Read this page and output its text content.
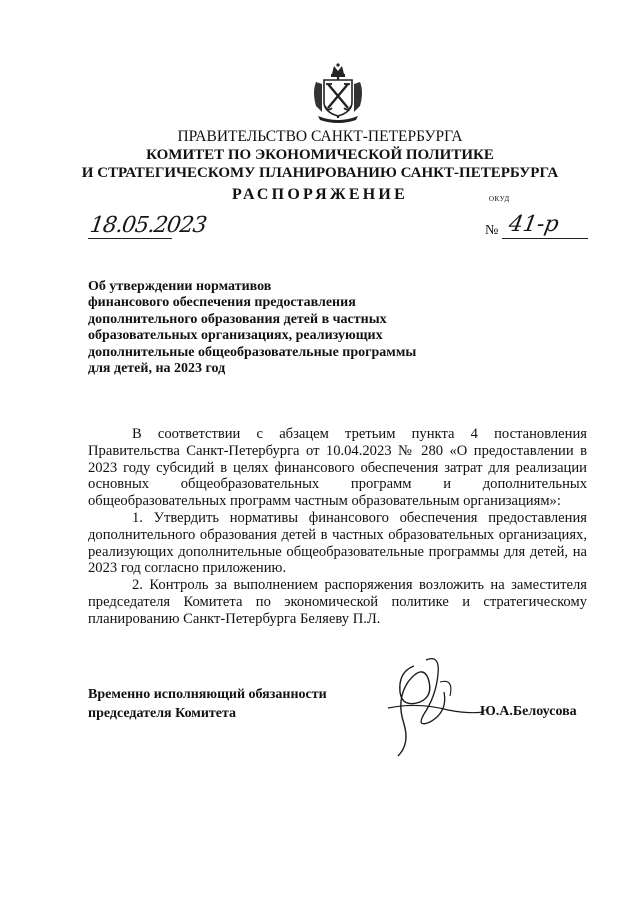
ПРАВИТЕЛЬСТВО САНКТ-ПЕТЕРБУРГА
КОМИТЕТ ПО ЭКОНОМИЧЕСКОЙ ПОЛИТИКЕ
И СТРАТЕГИЧЕСКОМУ ПЛАНИРОВАНИЮ САНКТ-ПЕТЕРБУРГА
РАСПОРЯЖЕНИЕ	ОКУД
18.05.2023	№ 41-р
Об утверждении нормативов
финансового обеспечения предоставления
дополнительного образования детей в частных
образовательных организациях, реализующих
дополнительные общеобразовательные программы
для детей, на 2023 год

В соответствии с абзацем третьим пункта 4 постановления Правительства Санкт-Петербурга от 10.04.2023 № 280 «О предоставлении в 2023 году субсидий в целях финансового обеспечения затрат для реализации основных общеобразовательных программ и дополнительных общеобразовательных программ частным образовательным организациям»:

1. Утвердить нормативы финансового обеспечения предоставления дополнительного образования детей в частных образовательных организациях, реализующих дополнительные общеобразовательные программы для детей, на 2023 год согласно приложению.

2. Контроль за выполнением распоряжения возложить на заместителя председателя Комитета по экономической политике и стратегическому планированию Санкт-Петербурга Беляеву П.Л.

Временно исполняющий обязанности
председателя Комитета	Ю.А.Белоусова
